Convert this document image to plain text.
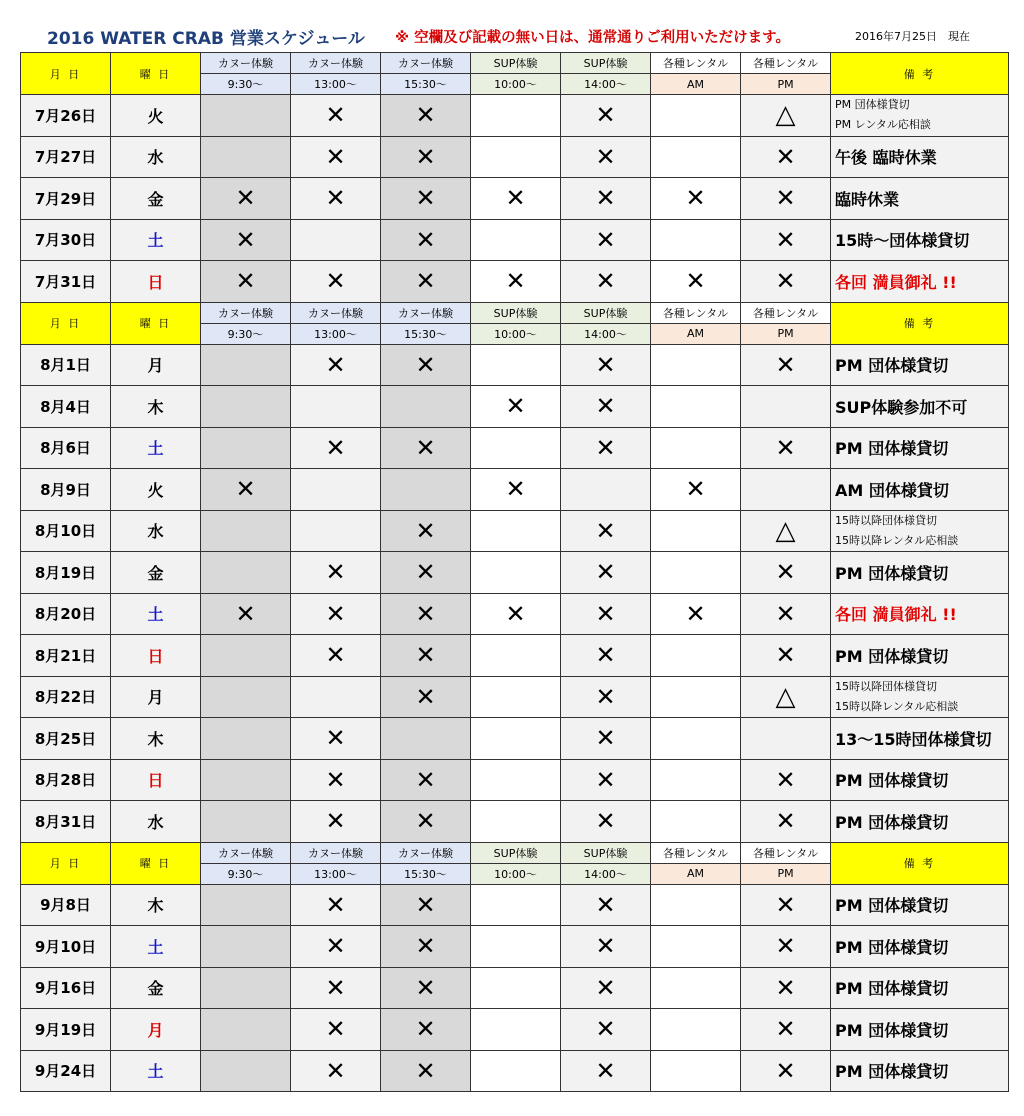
2016 WATER CRAB 営業スケジュール ※ 空欄及び記載の無い日は、通常通りご利用いただけます。	2016年7月25日　現在
月 日	曜 日	カヌー体験	カヌー体験	カヌー体験	SUP体験	SUP体験	各種レンタル	各種レンタル	備 考
		9:30～	13:00～	15:30～	10:00～	14:00～	AM	PM	
7月26日	火		✕	✕		✕		△	PM 団体様貸切
PM レンタル応相談

7月27日	水		✕	✕		✕		✕	午後 臨時休業
7月29日	金	✕	✕	✕	✕	✕	✕	✕	臨時休業
7月30日	土	✕		✕		✕		✕	15時～団体様貸切
7月31日	日	✕	✕	✕	✕	✕	✕	✕	各回 満員御礼 !!
月 日	曜 日	カヌー体験	カヌー体験	カヌー体験	SUP体験	SUP体験	各種レンタル	各種レンタル	備 考
		9:30～	13:00～	15:30～	10:00～	14:00～	AM	PM	
8月1日	月		✕	✕		✕		✕	PM 団体様貸切
8月4日	木				✕	✕			SUP体験参加不可
8月6日	土		✕	✕		✕		✕	PM 団体様貸切
8月9日	火	✕			✕		✕		AM 団体様貸切
8月10日	水			✕		✕		△	15時以降団体様貸切
15時以降レンタル応相談

8月19日	金		✕	✕		✕		✕	PM 団体様貸切
8月20日	土	✕	✕	✕	✕	✕	✕	✕	各回 満員御礼 !!
8月21日	日		✕	✕		✕		✕	PM 団体様貸切
8月22日	月			✕		✕		△	15時以降団体様貸切
15時以降レンタル応相談

8月25日	木		✕			✕			13～15時団体様貸切
8月28日	日		✕	✕		✕		✕	PM 団体様貸切
8月31日	水		✕	✕		✕		✕	PM 団体様貸切
月 日	曜 日	カヌー体験	カヌー体験	カヌー体験	SUP体験	SUP体験	各種レンタル	各種レンタル	備 考
		9:30～	13:00～	15:30～	10:00～	14:00～	AM	PM	
9月8日	木		✕	✕		✕		✕	PM 団体様貸切
9月10日	土		✕	✕		✕		✕	PM 団体様貸切
9月16日	金		✕	✕		✕		✕	PM 団体様貸切
9月19日	月		✕	✕		✕		✕	PM 団体様貸切
9月24日	土		✕	✕		✕		✕	PM 団体様貸切
